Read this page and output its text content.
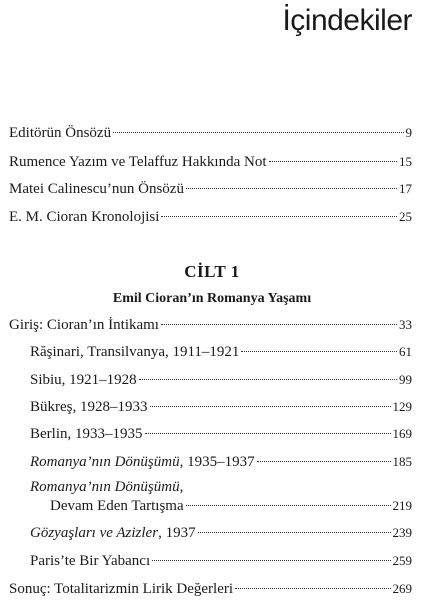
İçindekiler
Editörün Önsözü	9
Rumence Yazım ve Telaffuz Hakkında Not	15
Matei Calinescu’nun Önsözü	17
E. M. Cioran Kronolojisi	25
CİLT 1
Emil Cioran’ın Romanya Yaşamı
Giriş: Cioran’ın İntikamı	33
Răşinari, Transilvanya, 1911–1921	61
Sibiu, 1921–1928	99
Bükreş, 1928–1933	129
Berlin, 1933–1935	169
Romanya’nın Dönüşümü, 1935–1937	185
Romanya’nın Dönüşümü,
Devam Eden Tartışma	219
Gözyaşları ve Azizler, 1937	239
Paris’te Bir Yabancı	259
Sonuç: Totalitarizmin Lirik Değerleri	269
